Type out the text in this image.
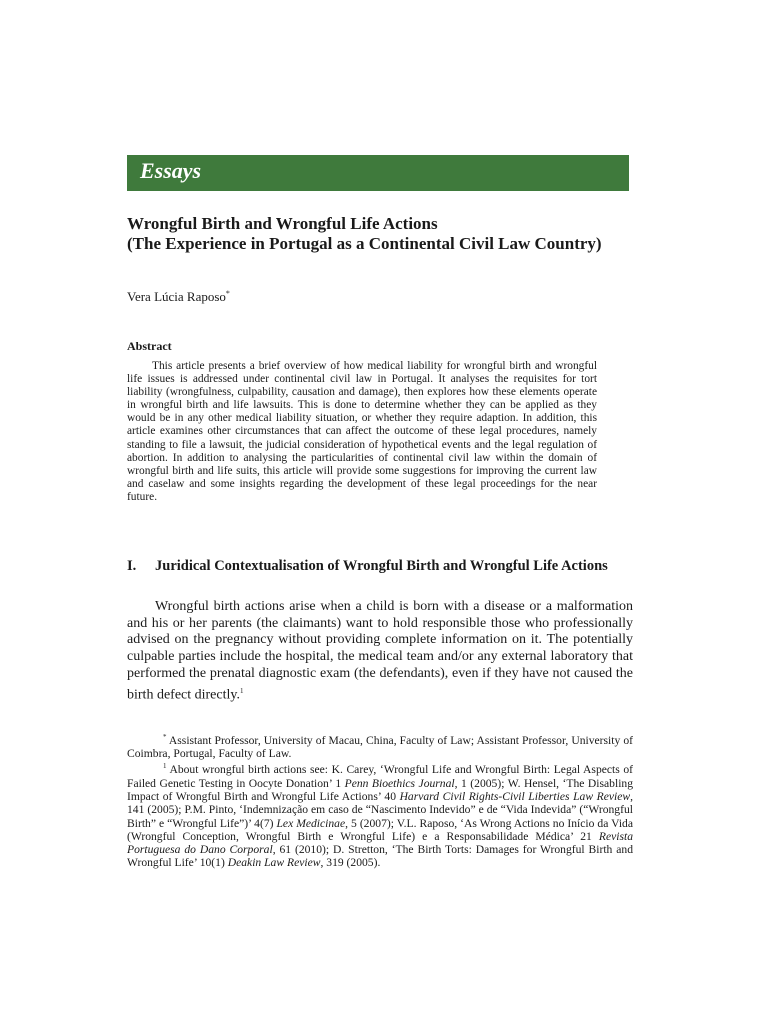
Essays
Wrongful Birth and Wrongful Life Actions
(The Experience in Portugal as a Continental Civil Law Country)
Vera Lúcia Raposo*
Abstract
This article presents a brief overview of how medical liability for wrongful birth and wrongful life issues is addressed under continental civil law in Portugal. It analyses the requisites for tort liability (wrongfulness, culpability, causation and damage), then explores how these elements operate in wrongful birth and life lawsuits. This is done to determine whether they can be applied as they would be in any other medical liability situation, or whether they require adaption. In addition, this article examines other circumstances that can affect the outcome of these legal procedures, namely standing to file a lawsuit, the judicial consideration of hypothetical events and the legal regulation of abortion. In addition to analysing the particularities of continental civil law within the domain of wrongful birth and life suits, this article will provide some suggestions for improving the current law and caselaw and some insights regarding the development of these legal proceedings for the near future.
I. Juridical Contextualisation of Wrongful Birth and Wrongful Life Actions
Wrongful birth actions arise when a child is born with a disease or a malformation and his or her parents (the claimants) want to hold responsible those who professionally advised on the pregnancy without providing complete information on it. The potentially culpable parties include the hospital, the medical team and/or any external laboratory that performed the prenatal diagnostic exam (the defendants), even if they have not caused the birth defect directly.$^1$

* Assistant Professor, University of Macau, China, Faculty of Law; Assistant Professor, University of Coimbra, Portugal, Faculty of Law.

$^1$ About wrongful birth actions see: K. Carey, ‘Wrongful Life and Wrongful Birth: Legal Aspects of Failed Genetic Testing in Oocyte Donation’ 1 Penn Bioethics Journal, 1 (2005); W. Hensel, ‘The Disabling Impact of Wrongful Birth and Wrongful Life Actions’ 40 Harvard Civil Rights-Civil Liberties Law Review, 141 (2005); P.M. Pinto, ‘Indemnização em caso de “Nascimento Indevido” e de “Vida Indevida” (“Wrongful Birth” e “Wrongful Life”)’ 4(7) Lex Medicinae, 5 (2007); V.L. Raposo, ‘As Wrong Actions no Início da Vida (Wrongful Conception, Wrongful Birth e Wrongful Life) e a Responsabilidade Médica’ 21 Revista Portuguesa do Dano Corporal, 61 (2010); D. Stretton, ‘The Birth Torts: Damages for Wrongful Birth and Wrongful Life’ 10(1) Deakin Law Review, 319 (2005).
